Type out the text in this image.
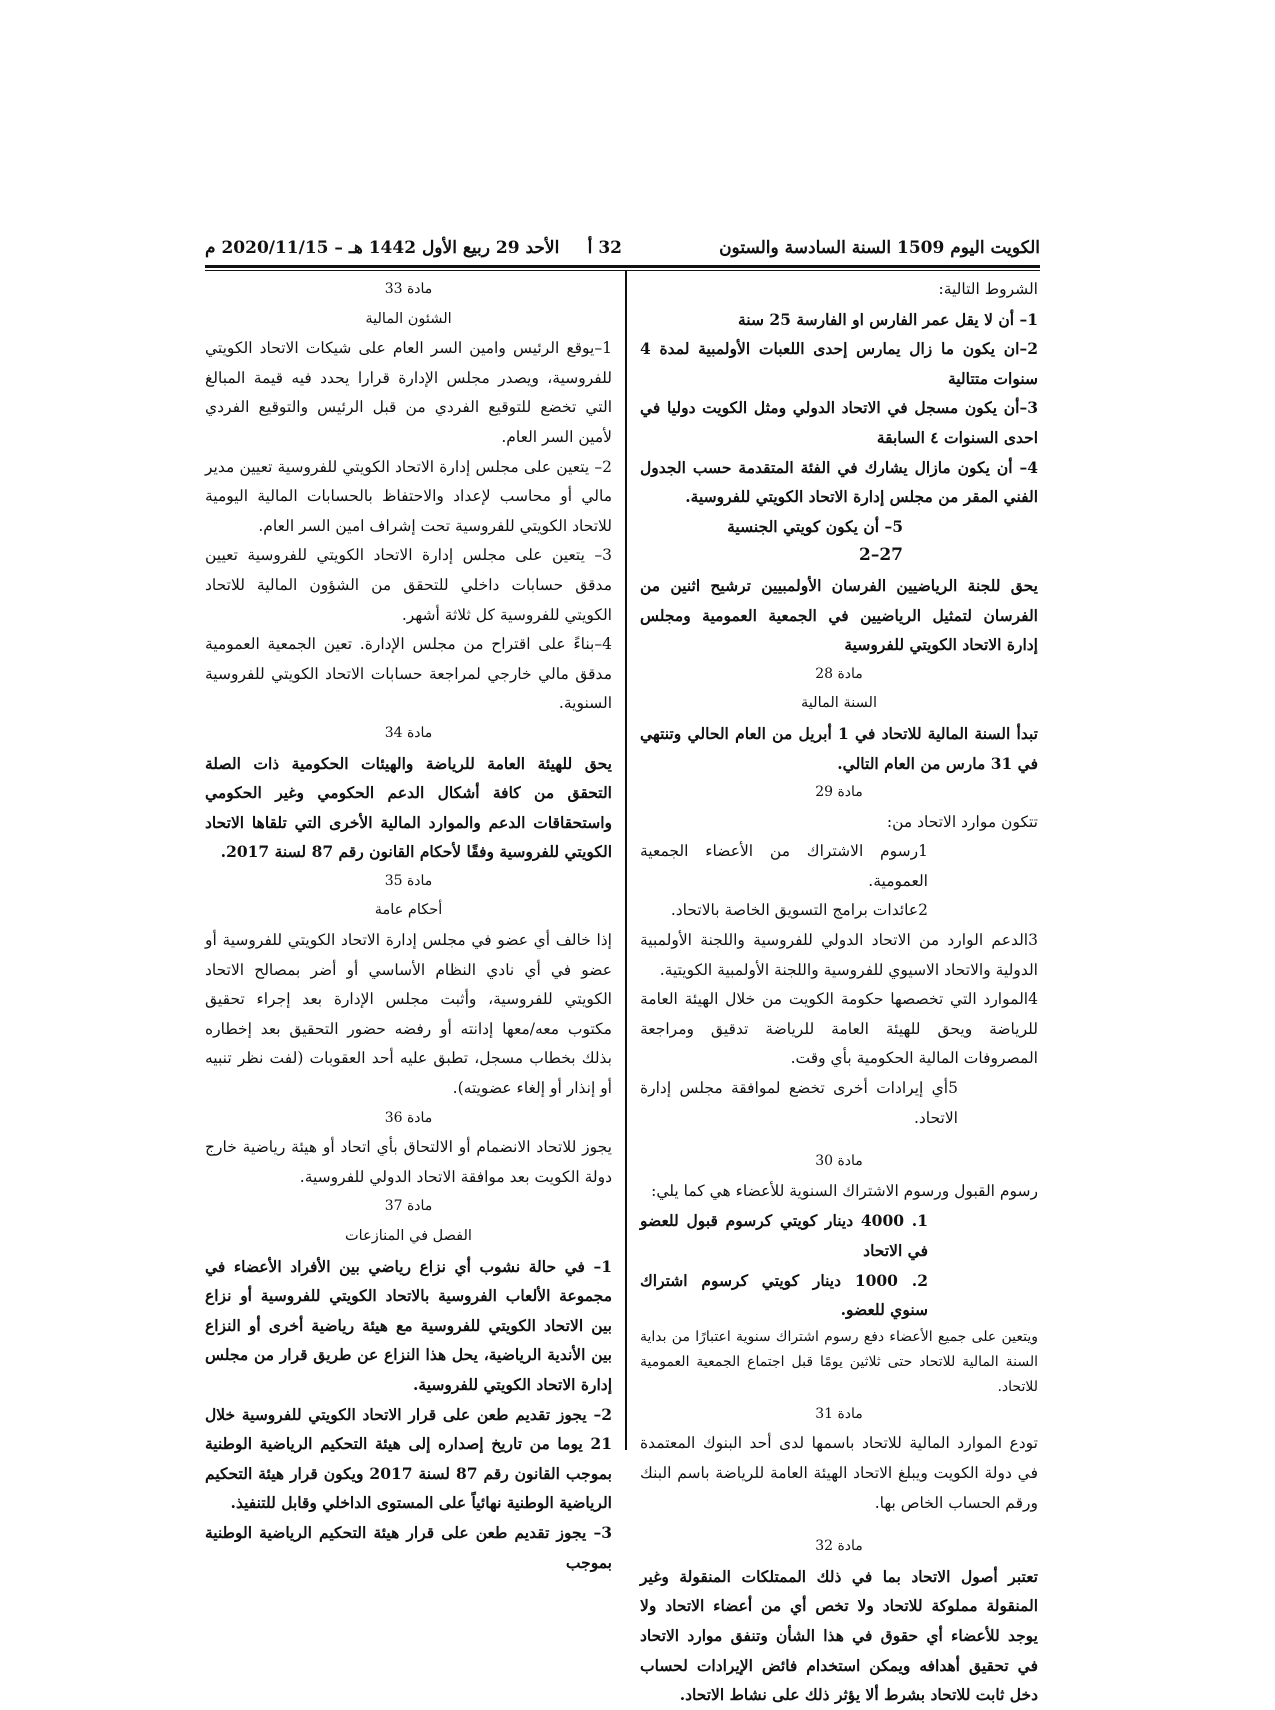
الكويت اليوم 1509 السنة السادسة والستون
32 أ
الأحد 29 ربيع الأول 1442 هـ – 2020/11/15 م

الشروط التالية:

1– أن لا يقل عمر الفارس او الفارسة 25 سنة

2–ان يكون ما زال يمارس إحدى اللعبات الأولمبية لمدة 4 سنوات متتالية

3–أن يكون مسجل في الاتحاد الدولي ومثل الكويت دوليا في احدى السنوات ٤ السابقة

4– أن يكون مازال يشارك في الفئة المتقدمة حسب الجدول الفني المقر من مجلس إدارة الاتحاد الكويتي للفروسية.

5– أن يكون كويتي الجنسية

27–2

يحق للجنة الرياضيين الفرسان الأولمبيين ترشيح اثنين من الفرسان لتمثيل الرياضيين في الجمعية العمومية ومجلس إدارة الاتحاد الكويتي للفروسية

مادة 28

السنة المالية

تبدأ السنة المالية للاتحاد في 1 أبريل من العام الحالي وتنتهي في 31 مارس من العام التالي.

مادة 29

تتكون موارد الاتحاد من:

1رسوم الاشتراك من الأعضاء الجمعية العمومية.

2عائدات برامج التسويق الخاصة بالاتحاد.

3الدعم الوارد من الاتحاد الدولي للفروسية واللجنة الأولمبية الدولية والاتحاد الاسيوي للفروسية واللجنة الأولمبية الكويتية.

4الموارد التي تخصصها حكومة الكويت من خلال الهيئة العامة للرياضة ويحق للهيئة العامة للرياضة تدقيق ومراجعة المصروفات المالية الحكومية بأي وقت.

5أي إيرادات أخرى تخضع لموافقة مجلس إدارة الاتحاد.

مادة 30

رسوم القبول ورسوم الاشتراك السنوية للأعضاء هي كما يلي:

1. 4000 دينار كويتي كرسوم قبول للعضو في الاتحاد

2. 1000 دينار كويتي كرسوم اشتراك سنوي للعضو.

ويتعين على جميع الأعضاء دفع رسوم اشتراك سنوية اعتبارًا من بداية السنة المالية للاتحاد حتى ثلاثين يومًا قبل اجتماع الجمعية العمومية للاتحاد.

مادة 31

تودع الموارد المالية للاتحاد باسمها لدى أحد البنوك المعتمدة في دولة الكويت ويبلغ الاتحاد الهيئة العامة للرياضة باسم البنك ورقم الحساب الخاص بها.

مادة 32

تعتبر أصول الاتحاد بما في ذلك الممتلكات المنقولة وغير المنقولة مملوكة للاتحاد ولا تخص أي من أعضاء الاتحاد ولا يوجد للأعضاء أي حقوق في هذا الشأن وتنفق موارد الاتحاد في تحقيق أهدافه ويمكن استخدام فائض الإيرادات لحساب دخل ثابت للاتحاد بشرط ألا يؤثر ذلك على نشاط الاتحاد.

مادة 33

الشئون المالية

1–يوقع الرئيس وامين السر العام على شيكات الاتحاد الكويتي للفروسية، ويصدر مجلس الإدارة قرارا يحدد فيه قيمة المبالغ التي تخضع للتوقيع الفردي من قبل الرئيس والتوقيع الفردي لأمين السر العام.

2– يتعين على مجلس إدارة الاتحاد الكويتي للفروسية تعيين مدير مالي أو محاسب لإعداد والاحتفاظ بالحسابات المالية اليومية للاتحاد الكويتي للفروسية تحت إشراف امين السر العام.

3– يتعين على مجلس إدارة الاتحاد الكويتي للفروسية تعيين مدقق حسابات داخلي للتحقق من الشؤون المالية للاتحاد الكويتي للفروسية كل ثلاثة أشهر.

4–بناءً على اقتراح من مجلس الإدارة. تعين الجمعية العمومية مدقق مالي خارجي لمراجعة حسابات الاتحاد الكويتي للفروسية السنوية.

مادة 34

يحق للهيئة العامة للرياضة والهيئات الحكومية ذات الصلة التحقق من كافة أشكال الدعم الحكومي وغير الحكومي واستحقاقات الدعم والموارد المالية الأخرى التي تلقاها الاتحاد الكويتي للفروسية وفقًا لأحكام القانون رقم 87 لسنة 2017.

مادة 35

أحكام عامة

إذا خالف أي عضو في مجلس إدارة الاتحاد الكويتي للفروسية أو عضو في أي نادي النظام الأساسي أو أضر بمصالح الاتحاد الكويتي للفروسية، وأثبت مجلس الإدارة بعد إجراء تحقيق مكتوب معه/معها إدانته أو رفضه حضور التحقيق بعد إخطاره بذلك بخطاب مسجل، تطبق عليه أحد العقوبات (لفت نظر تنبيه أو إنذار أو إلغاء عضويته).

مادة 36

يجوز للاتحاد الانضمام أو الالتحاق بأي اتحاد أو هيئة رياضية خارج دولة الكويت بعد موافقة الاتحاد الدولي للفروسية.

مادة 37

الفصل في المنازعات

1– في حالة نشوب أي نزاع رياضي بين الأفراد الأعضاء في مجموعة الألعاب الفروسية بالاتحاد الكويتي للفروسية أو نزاع بين الاتحاد الكويتي للفروسية مع هيئة رياضية أخرى أو النزاع بين الأندية الرياضية، يحل هذا النزاع عن طريق قرار من مجلس إدارة الاتحاد الكويتي للفروسية.

2– يجوز تقديم طعن على قرار الاتحاد الكويتي للفروسية خلال 21 يوما من تاريخ إصداره إلى هيئة التحكيم الرياضية الوطنية بموجب القانون رقم 87 لسنة 2017 ويكون قرار هيئة التحكيم الرياضية الوطنية نهائياً على المستوى الداخلي وقابل للتنفيذ.

3– يجوز تقديم طعن على قرار هيئة التحكيم الرياضية الوطنية بموجب
